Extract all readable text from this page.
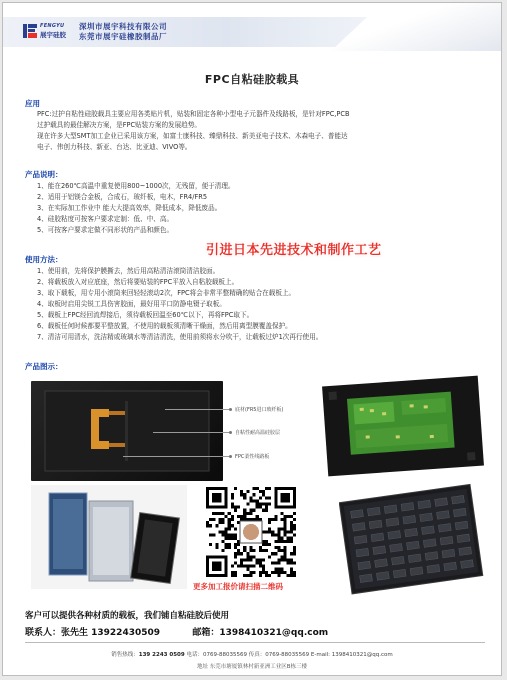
FENGYU
展宇硅胶
深圳市展宇科技有限公司
东莞市展宇硅橡胶制品厂
FPC自粘硅胶载具
应用
PFC:过护自粘性硅胶载具主要应用各类贴片机，贴装和固定各种小型电子元器件及线路板，是针对FPC,PCB
过护载具的最佳解决方案，是FPC贴装方案的发展趋势。
现在许多大型SMT加工企业已采用该方案，如富士康科技、臻鼎科技、新美亚电子技术、木森电子、普能达
电子、伟创力科技、新亚、台达、比亚迪、VIVO等。
产品说明：
1、能在260℃高温中重复使用800~1000次，无残留，便于清理。
2、适用于铝镁合金板，合成石，玻纤板，电木，FR4/FR5
3、在实际加工作业中 能大大提高效率，降低成本，降低废品。
4、硅胶粘度可按客户要求定制：低、中、高。
5、可按客户要求定做不同形状的产品和颜色。
引进日本先进技术和制作工艺
使用方法：
1、使用前，先将保护膜撕去，然后用高粘清洁滚筒清洁胶面。
2、将载板放入对应底座，然后将要贴装的FPC平放入自粘胶载板上。
3、取下载板，用专用小滚筒来回轻轻滚动2次，FPC将会非常平整精确的贴合在载板上。
4、取板时启用尖锐工具伤害胶面，最好用平口防静电镊子取板。
5、载板上FPC经回流焊接后，须待载板回温至60℃以下，再将FPC取下。
6、载板任何时候都要平整放置，不使用的载板须清晰干燥面，然后用离型膜覆盖保护。
7、清洁可用清水，洗洁精或玻璃水等清洁清洗，使用前须将水分吹干，让载板过炉1次再行使用。
产品图示：
底材(FR5进口玻纤板)
自粘性耐高温硅胶层
FPC柔性线路板
更多加工报价请扫描二维码
客户可以提供各种材质的载板，我们铺自粘硅胶后使用
联系人：张先生 13922430509	邮箱：1398410321@qq.com
销售热线：139 2243 0509 电话：0769-88035569 传真：0769-88035569 E-mail: 1398410321@qq.com
地址 东莞市塘厦镇林村新亚洲工业区B栋三楼
